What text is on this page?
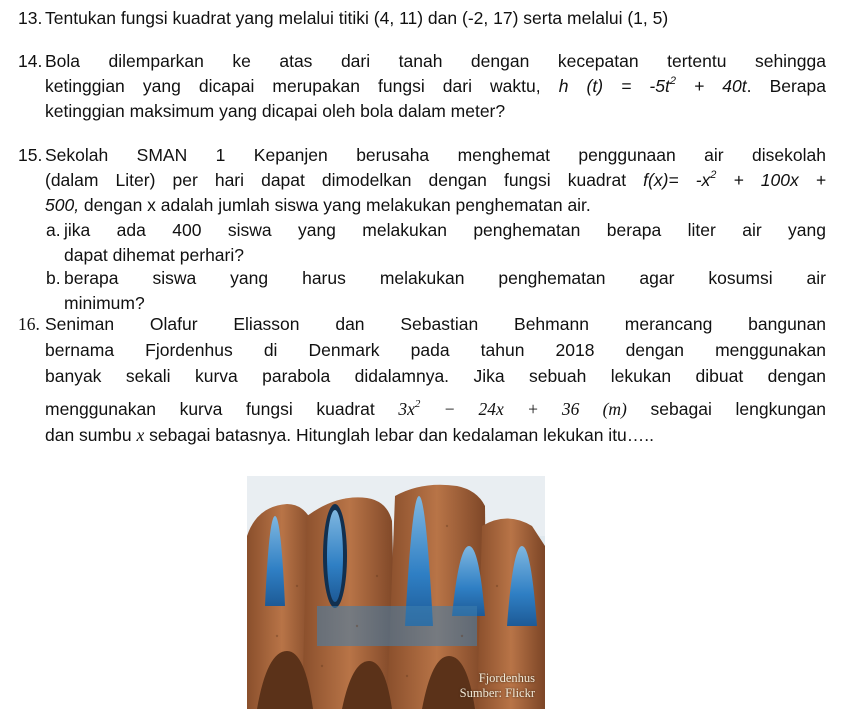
13. Tentukan fungsi kuadrat yang melalui titiki (4, 11) dan (-2, 17) serta melalui (1, 5)
14. Bola dilemparkan ke atas dari tanah dengan kecepatan tertentu sehingga
ketinggian yang dicapai merupakan fungsi dari waktu, h $(t) = -5t^2 + 40t$. Berapa
ketinggian maksimum yang dicapai oleh bola dalam meter?
15. Sekolah SMAN 1 Kepanjen berusaha menghemat penggunaan air disekolah
(dalam Liter) per hari dapat dimodelkan dengan fungsi kuadrat $f(x)= -x^2 + 100x$ +
500, dengan x adalah jumlah siswa yang melakukan penghematan air.
a. jika ada 400 siswa yang melakukan penghematan berapa liter air yang
dapat dihemat perhari?
b. berapa siswa yang harus melakukan penghematan agar kosumsi air
minimum?
16. Seniman Olafur Eliasson dan Sebastian Behmann merancang bangunan
bernama Fjordenhus di Denmark pada tahun 2018 dengan menggunakan
banyak sekali kurva parabola didalamnya. Jika sebuah lekukan dibuat dengan
menggunakan kurva fungsi kuadrat $3x^2 - 24x + 36$ (m) sebagai lengkungan
dan sumbu x sebagai batasnya. Hitunglah lebar dan kedalaman lekukan itu…..
Fjordenhus
Sumber: Flickr
